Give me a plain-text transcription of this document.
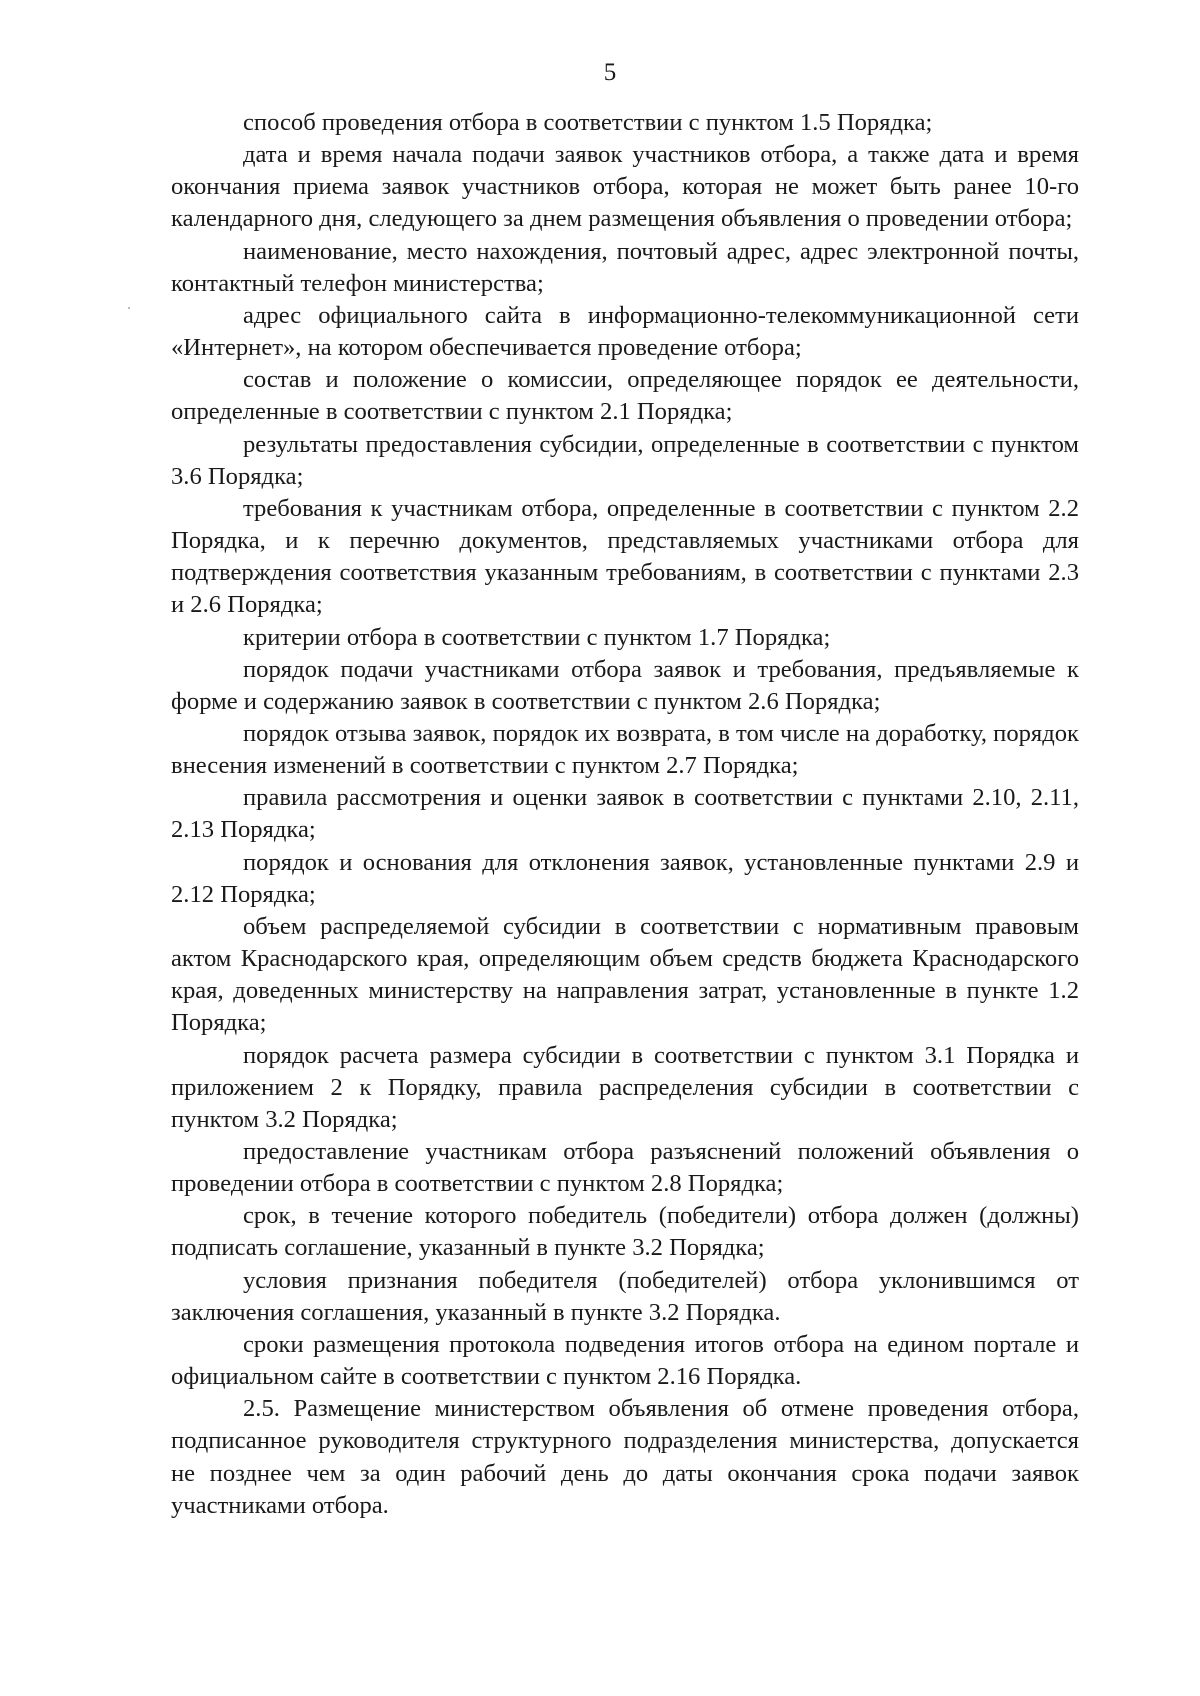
5

способ проведения отбора в соответствии с пунктом 1.5 Порядка;

дата и время начала подачи заявок участников отбора, а также дата и время окончания приема заявок участников отбора, которая не может быть ранее 10-го календарного дня, следующего за днем размещения объявления о проведении отбора;

наименование, место нахождения, почтовый адрес, адрес электронной почты, контактный телефон министерства;

адрес официального сайта в информационно-телекоммуникационной сети «Интернет», на котором обеспечивается проведение отбора;

состав и положение о комиссии, определяющее порядок ее деятельности, определенные в соответствии с пунктом 2.1 Порядка;

результаты предоставления субсидии, определенные в соответствии с пунктом 3.6 Порядка;

требования к участникам отбора, определенные в соответствии с пунктом 2.2 Порядка, и к перечню документов, представляемых участниками отбора для подтверждения соответствия указанным требованиям, в соответствии с пунктами 2.3 и 2.6 Порядка;

критерии отбора в соответствии с пунктом 1.7 Порядка;

порядок подачи участниками отбора заявок и требования, предъявляемые к форме и содержанию заявок в соответствии с пунктом 2.6 Порядка;

порядок отзыва заявок, порядок их возврата, в том числе на доработку, порядок внесения изменений в соответствии с пунктом 2.7 Порядка;

правила рассмотрения и оценки заявок в соответствии с пунктами 2.10, 2.11, 2.13 Порядка;

порядок и основания для отклонения заявок, установленные пунктами 2.9 и 2.12 Порядка;

объем распределяемой субсидии в соответствии с нормативным правовым актом Краснодарского края, определяющим объем средств бюджета Краснодарского края, доведенных министерству на направления затрат, установленные в пункте 1.2 Порядка;

порядок расчета размера субсидии в соответствии с пунктом 3.1 Порядка и приложением 2 к Порядку, правила распределения субсидии в соответствии с пунктом 3.2 Порядка;

предоставление участникам отбора разъяснений положений объявления о проведении отбора в соответствии с пунктом 2.8 Порядка;

срок, в течение которого победитель (победители) отбора должен (должны) подписать соглашение, указанный в пункте 3.2 Порядка;

условия признания победителя (победителей) отбора уклонившимся от заключения соглашения, указанный в пункте 3.2 Порядка.

сроки размещения протокола подведения итогов отбора на едином портале и официальном сайте в соответствии с пунктом 2.16 Порядка.

2.5. Размещение министерством объявления об отмене проведения отбора, подписанное руководителя структурного подразделения министерства, допускается не позднее чем за один рабочий день до даты окончания срока подачи заявок участниками отбора.
